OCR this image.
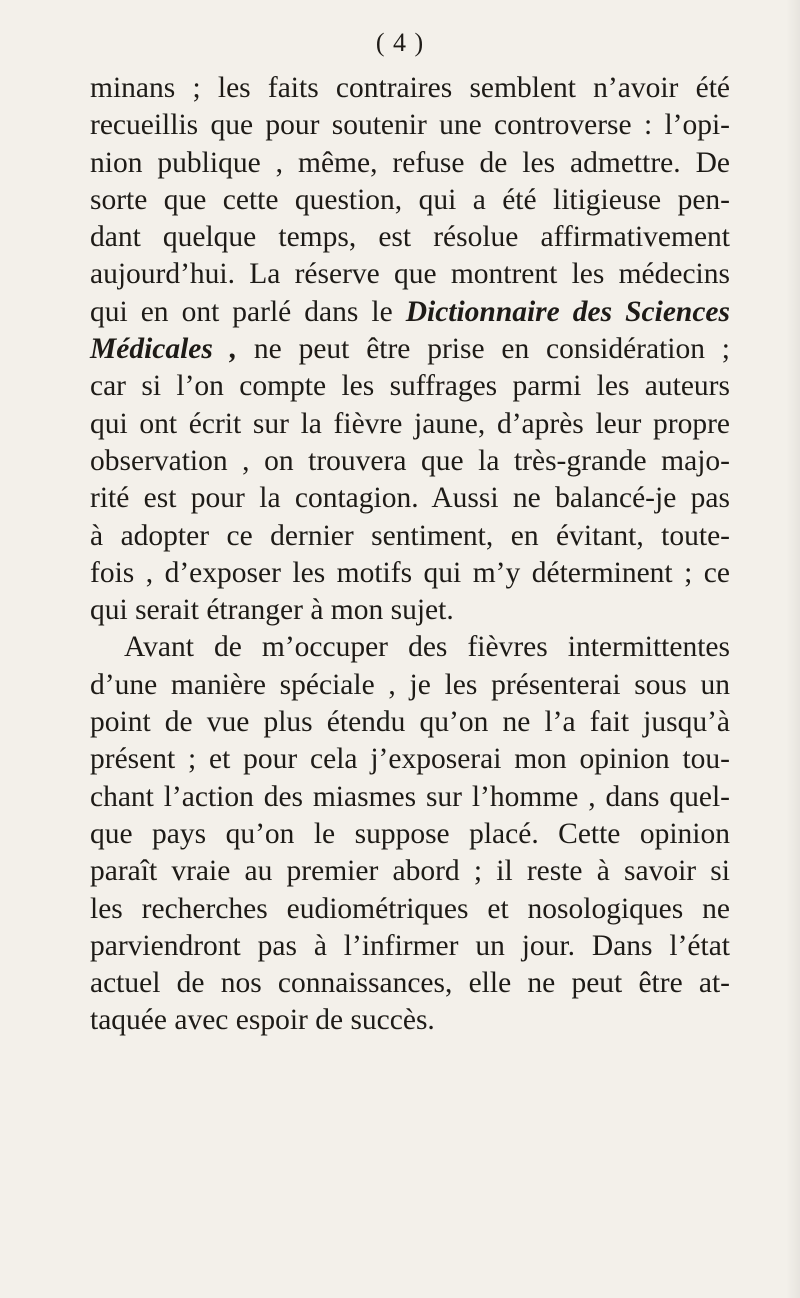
( 4 )
minans ; les faits contraires semblent n’avoir été
recueillis que pour soutenir une controverse : l’opi-
nion publique , même, refuse de les admettre. De
sorte que cette question, qui a été litigieuse pen-
dant quelque temps, est résolue affirmativement
aujourd’hui. La réserve que montrent les médecins
qui en ont parlé dans le Dictionnaire des Sciences
Médicales , ne peut être prise en considération ;
car si l’on compte les suffrages parmi les auteurs
qui ont écrit sur la fièvre jaune, d’après leur propre
observation , on trouvera que la très-grande majo-
rité est pour la contagion. Aussi ne balancé-je pas
à adopter ce dernier sentiment, en évitant, toute-
fois , d’exposer les motifs qui m’y déterminent ; ce
qui serait étranger à mon sujet.
Avant de m’occuper des fièvres intermittentes
d’une manière spéciale , je les présenterai sous un
point de vue plus étendu qu’on ne l’a fait jusqu’à
présent ; et pour cela j’exposerai mon opinion tou-
chant l’action des miasmes sur l’homme , dans quel-
que pays qu’on le suppose placé. Cette opinion
paraît vraie au premier abord ; il reste à savoir si
les recherches eudiométriques et nosologiques ne
parviendront pas à l’infirmer un jour. Dans l’état
actuel de nos connaissances, elle ne peut être at-
taquée avec espoir de succès.
